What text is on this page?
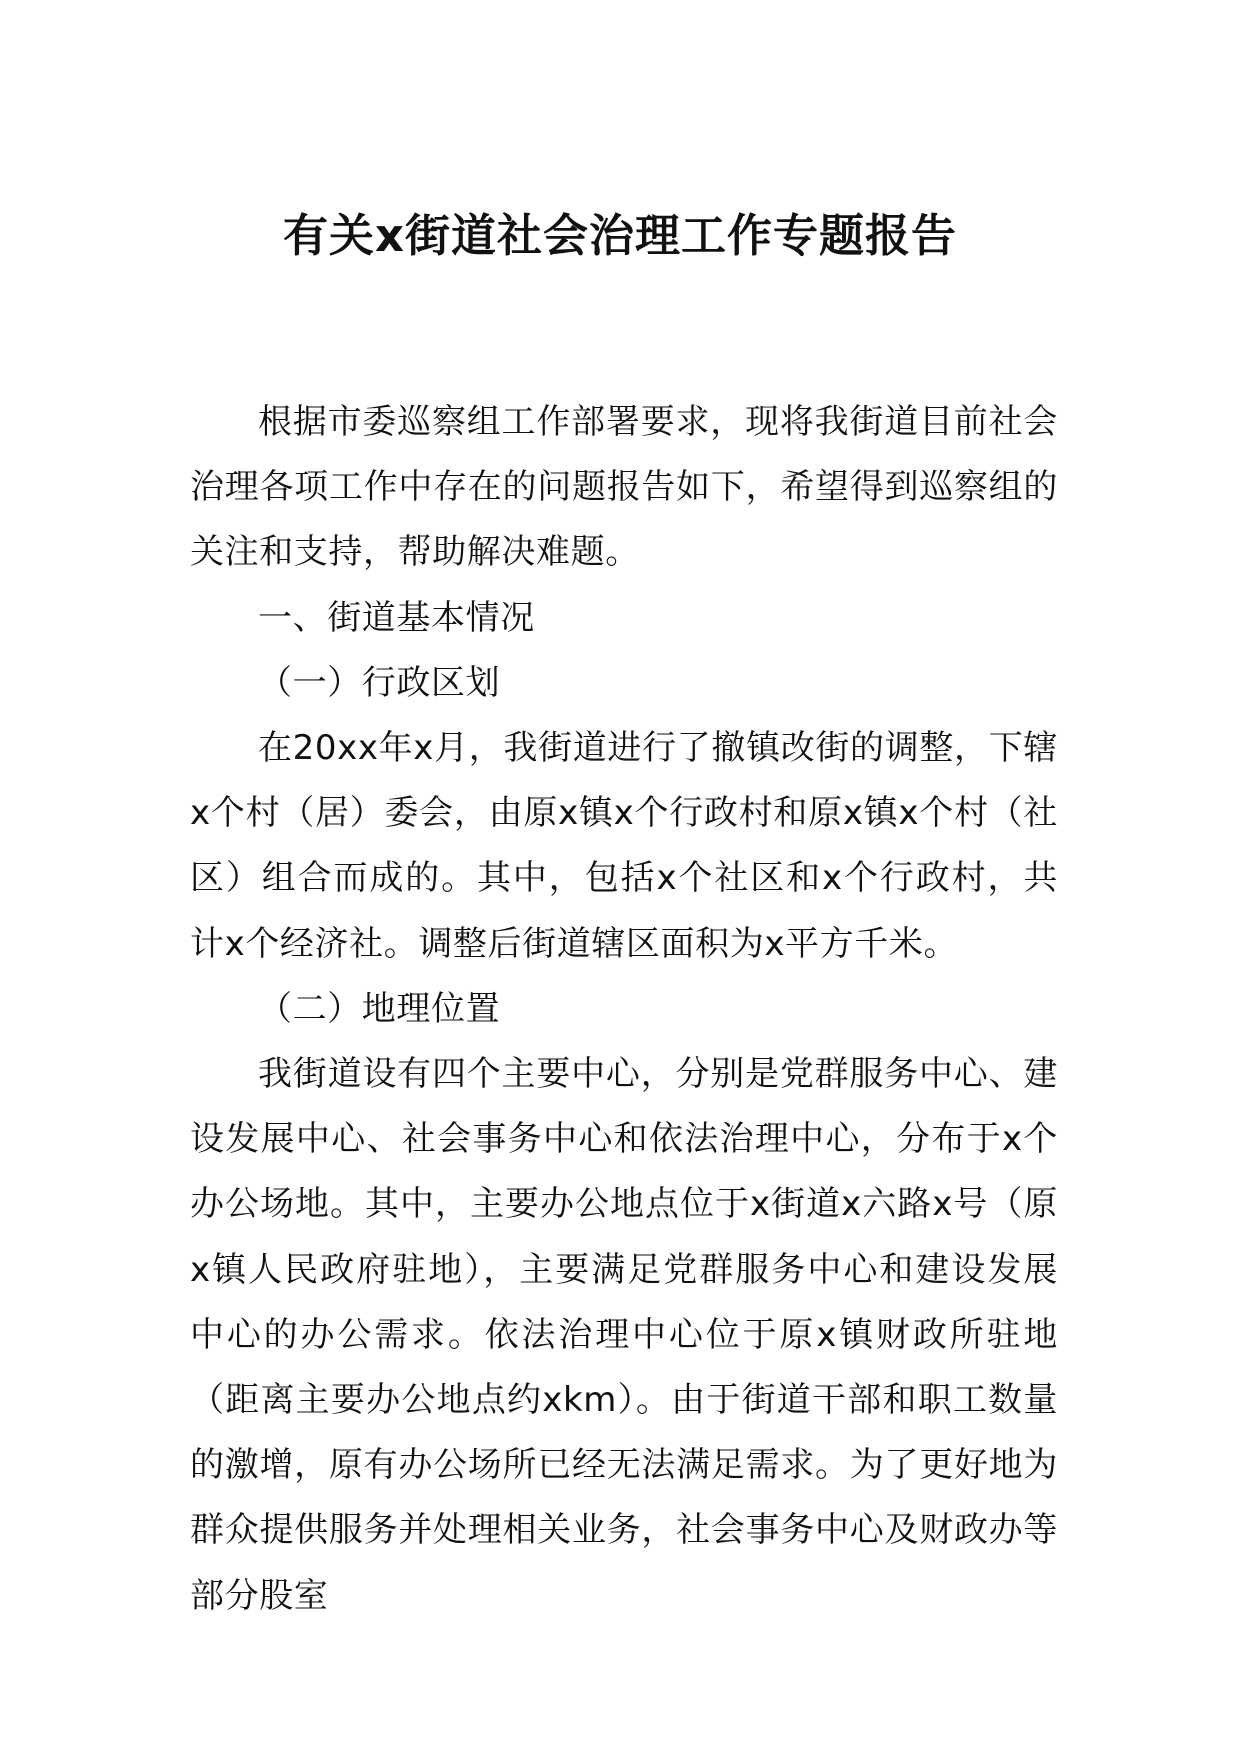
有关x街道社会治理工作专题报告

根据市委巡察组工作部署要求，现将我街道目前社会治理各项工作中存在的问题报告如下，希望得到巡察组的关注和支持，帮助解决难题。

一、街道基本情况

（一）行政区划

在20xx年x月，我街道进行了撤镇改街的调整，下辖x个村（居）委会，由原x镇x个行政村和原x镇x个村（社区）组合而成的。其中，包括x个社区和x个行政村，共计x个经济社。调整后街道辖区面积为x平方千米。

（二）地理位置

我街道设有四个主要中心，分别是党群服务中心、建设发展中心、社会事务中心和依法治理中心，分布于x个办公场地。其中，主要办公地点位于x街道x六路x号（原x镇人民政府驻地），主要满足党群服务中心和建设发展中心的办公需求。依法治理中心位于原x镇财政所驻地（距离主要办公地点约xkm）。由于街道干部和职工数量的激增，原有办公场所已经无法满足需求。为了更好地为群众提供服务并处理相关业务，社会事务中心及财政办等部分股室
